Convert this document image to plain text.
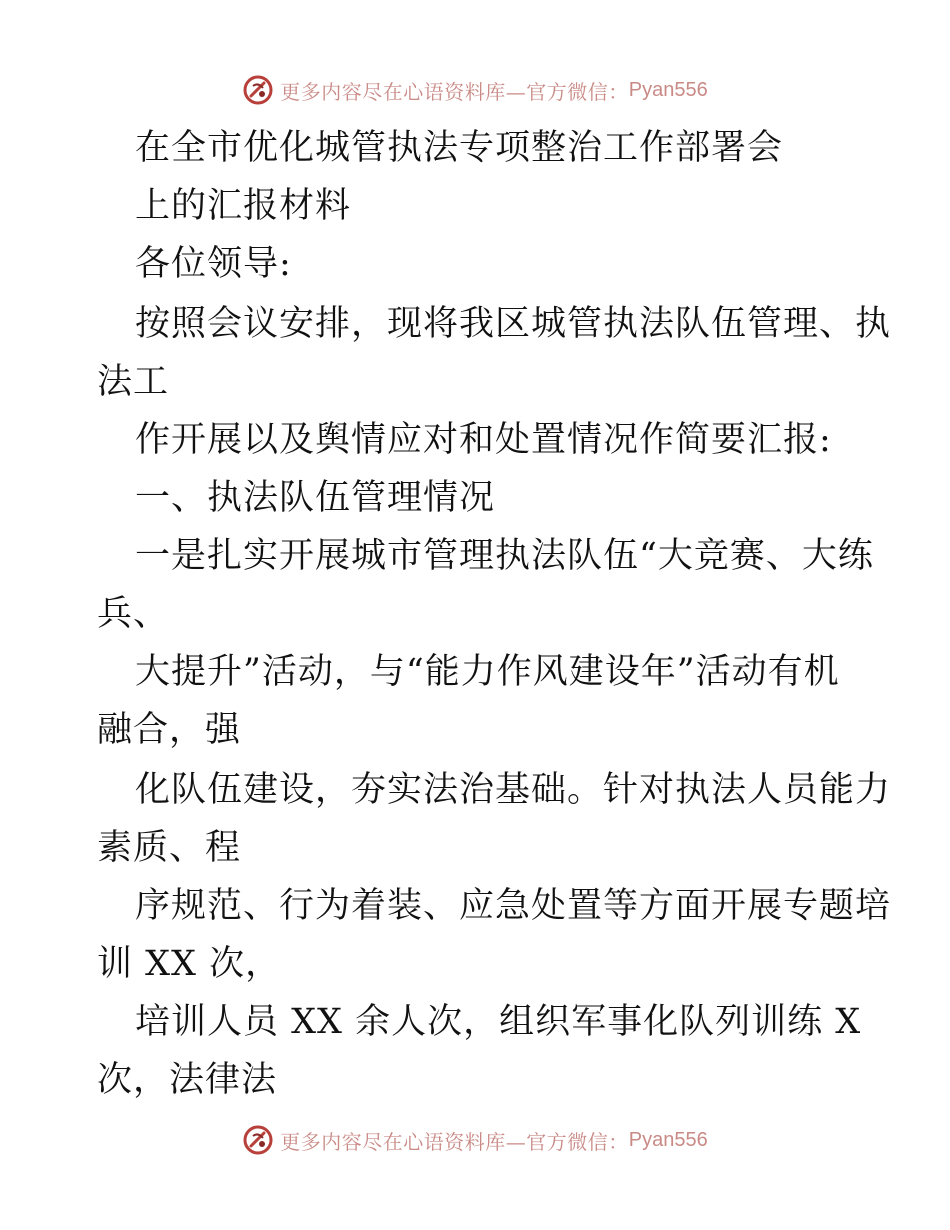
更多内容尽在心语资料库—官方微信： Pyan556
在全市优化城管执法专项整治工作部署会
上的汇报材料
各位领导:
按照会议安排，现将我区城管执法队伍管理、执
法工
作开展以及舆情应对和处置情况作简要汇报:
一、执法队伍管理情况
一是扎实开展城市管理执法队伍“大竞赛、大练
兵、
大提升”活动，与“能力作风建设年”活动有机
融合，强
化队伍建设，夯实法治基础。针对执法人员能力
素质、程
序规范、行为着装、应急处置等方面开展专题培
训 XX 次，
培训人员 XX 余人次，组织军事化队列训练 X
次，法律法
更多内容尽在心语资料库—官方微信： Pyan556
